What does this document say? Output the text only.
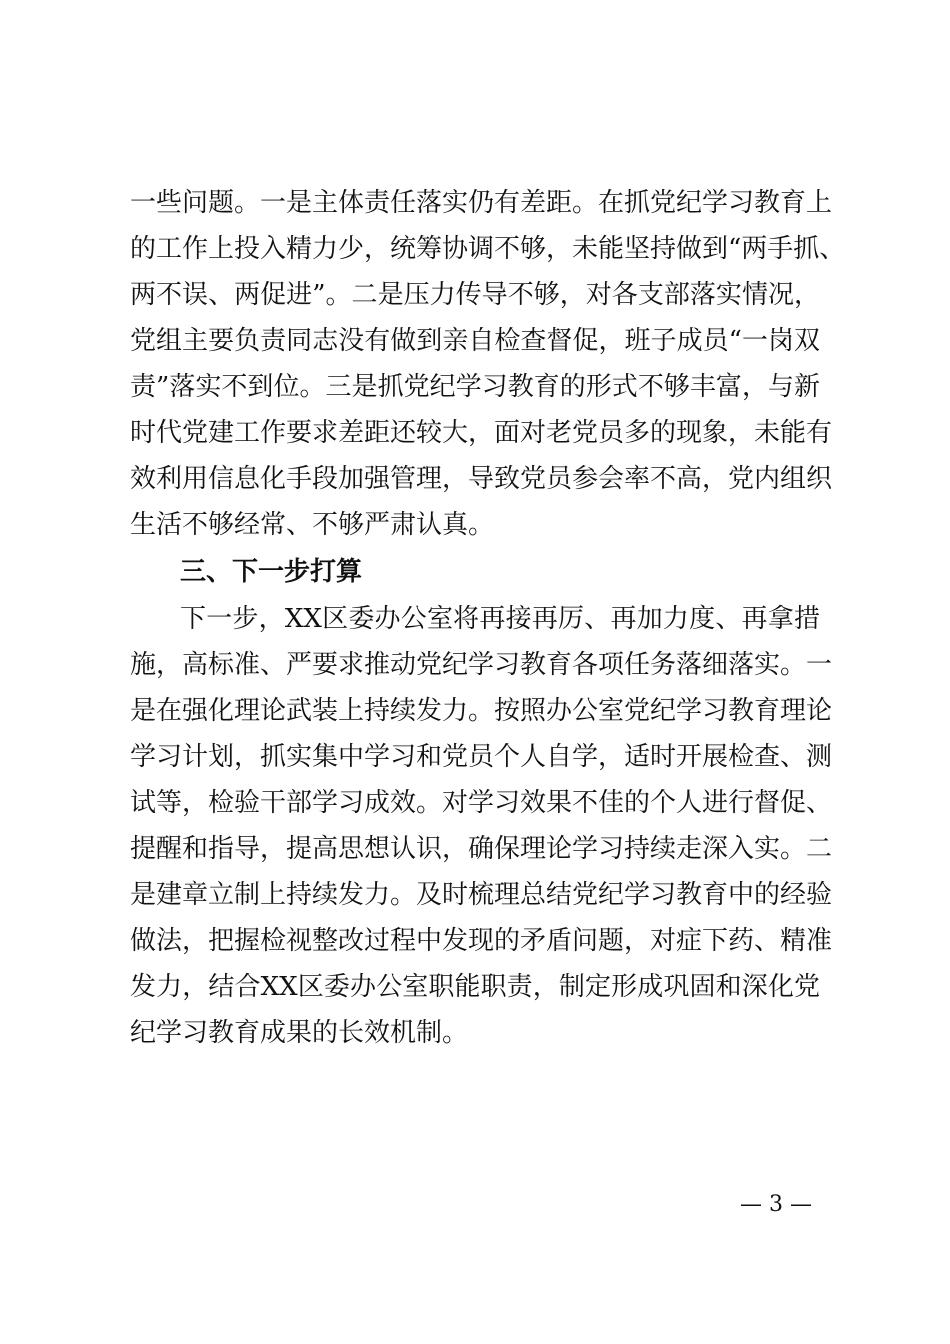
一些问题。一是主体责任落实仍有差距。在抓党纪学习教育上
的工作上投入精力少，统筹协调不够，未能坚持做到“两手抓、
两不误、两促进”。二是压力传导不够，对各支部落实情况，
党组主要负责同志没有做到亲自检查督促，班子成员“一岗双
责”落实不到位。三是抓党纪学习教育的形式不够丰富，与新
时代党建工作要求差距还较大，面对老党员多的现象，未能有
效利用信息化手段加强管理，导致党员参会率不高，党内组织
生活不够经常、不够严肃认真。
三、下一步打算
下一步，XX区委办公室将再接再厉、再加力度、再拿措
施，高标准、严要求推动党纪学习教育各项任务落细落实。一
是在强化理论武装上持续发力。按照办公室党纪学习教育理论
学习计划，抓实集中学习和党员个人自学，适时开展检查、测
试等，检验干部学习成效。对学习效果不佳的个人进行督促、
提醒和指导，提高思想认识，确保理论学习持续走深入实。二
是建章立制上持续发力。及时梳理总结党纪学习教育中的经验
做法，把握检视整改过程中发现的矛盾问题，对症下药、精准
发力，结合XX区委办公室职能职责，制定形成巩固和深化党
纪学习教育成果的长效机制。
— 3 —
